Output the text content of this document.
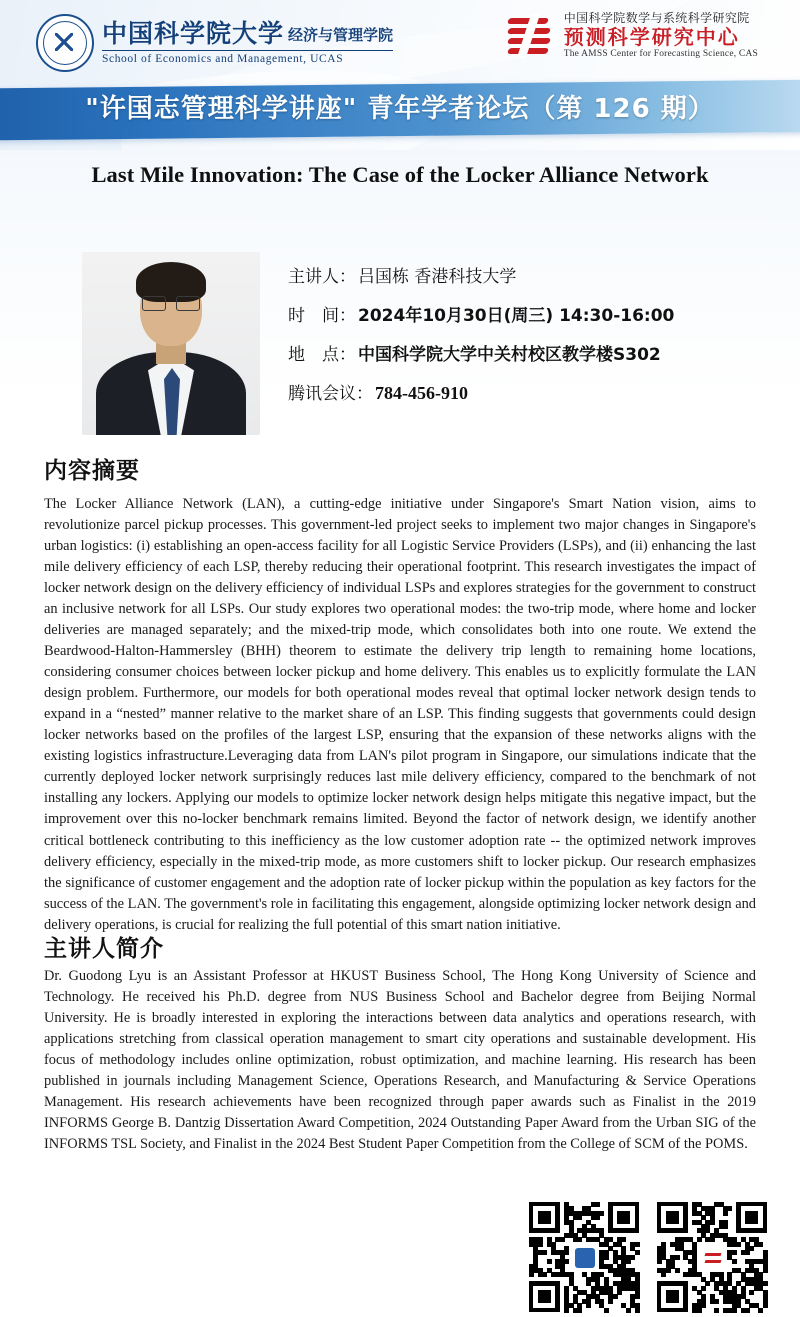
中国科学院大学 经济与管理学院
School of Economics and Management, UCAS
中国科学院数学与系统科学研究院
预测科学研究中心
The AMSS Center for Forecasting Science, CAS
"许国志管理科学讲座" 青年学者论坛（第 126 期）
Last Mile Innovation: The Case of the Locker Alliance Network
主讲人： 吕国栋 香港科技大学
时　间： 2024年10月30日(周三) 14:30-16:00
地　点： 中国科学院大学中关村校区教学楼S302
腾讯会议： 784-456-910
内容摘要
The Locker Alliance Network (LAN), a cutting-edge initiative under Singapore's Smart Nation vision, aims to revolutionize parcel pickup processes. This government-led project seeks to implement two major changes in Singapore's urban logistics: (i) establishing an open-access facility for all Logistic Service Providers (LSPs), and (ii) enhancing the last mile delivery efficiency of each LSP, thereby reducing their operational footprint. This research investigates the impact of locker network design on the delivery efficiency of individual LSPs and explores strategies for the government to construct an inclusive network for all LSPs. Our study explores two operational modes: the two-trip mode, where home and locker deliveries are managed separately; and the mixed-trip mode, which consolidates both into one route. We extend the Beardwood-Halton-Hammersley (BHH) theorem to estimate the delivery trip length to remaining home locations, considering consumer choices between locker pickup and home delivery. This enables us to explicitly formulate the LAN design problem. Furthermore, our models for both operational modes reveal that optimal locker network design tends to expand in a “nested” manner relative to the market share of an LSP. This finding suggests that governments could design locker networks based on the profiles of the largest LSP, ensuring that the expansion of these networks aligns with the existing logistics infrastructure.Leveraging data from LAN's pilot program in Singapore, our simulations indicate that the currently deployed locker network surprisingly reduces last mile delivery efficiency, compared to the benchmark of not installing any lockers. Applying our models to optimize locker network design helps mitigate this negative impact, but the improvement over this no-locker benchmark remains limited. Beyond the factor of network design, we identify another critical bottleneck contributing to this inefficiency as the low customer adoption rate -- the optimized network improves delivery efficiency, especially in the mixed-trip mode, as more customers shift to locker pickup. Our research emphasizes the significance of customer engagement and the adoption rate of locker pickup within the population as key factors for the success of the LAN. The government's role in facilitating this engagement, alongside optimizing locker network design and delivery operations, is crucial for realizing the full potential of this smart nation initiative.
主讲人简介
Dr. Guodong Lyu is an Assistant Professor at HKUST Business School, The Hong Kong University of Science and Technology. He received his Ph.D. degree from NUS Business School and Bachelor degree from Beijing Normal University. He is broadly interested in exploring the interactions between data analytics and operations research, with applications stretching from classical operation management to smart city operations and sustainable development. His focus of methodology includes online optimization, robust optimization, and machine learning. His research has been published in journals including Management Science, Operations Research, and Manufacturing & Service Operations Management. His research achievements have been recognized through paper awards such as Finalist in the 2019 INFORMS George B. Dantzig Dissertation Award Competition, 2024 Outstanding Paper Award from the Urban SIG of the INFORMS TSL Society, and Finalist in the 2024 Best Student Paper Competition from the College of SCM of the POMS.
